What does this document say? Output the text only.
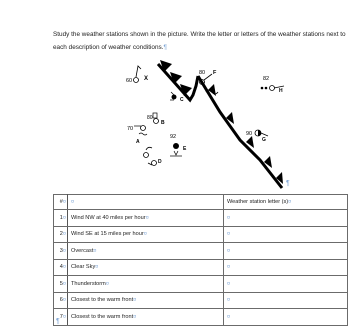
Study the weather stations shown in the picture. Write the letter or letters of the weather stations next to each description of weather conditions.¶
60 X
80
B
70
A
C
D
92
E
80 F
82
H
90
G
¶
#¤	¤	Weather station letter (s)¤
1¤	Wind NW at 40 miles per hour¤	¤
2¤	Wind SE at 15 miles per hour¤	¤
3¤	Overcast¤	¤
4¤	Clear Sky¤	¤
5¤	Thunderstorm¤	¤
6¤	Closest to the warm front¤	¤
7¤	Closest to the warm front¤	¤
¶
